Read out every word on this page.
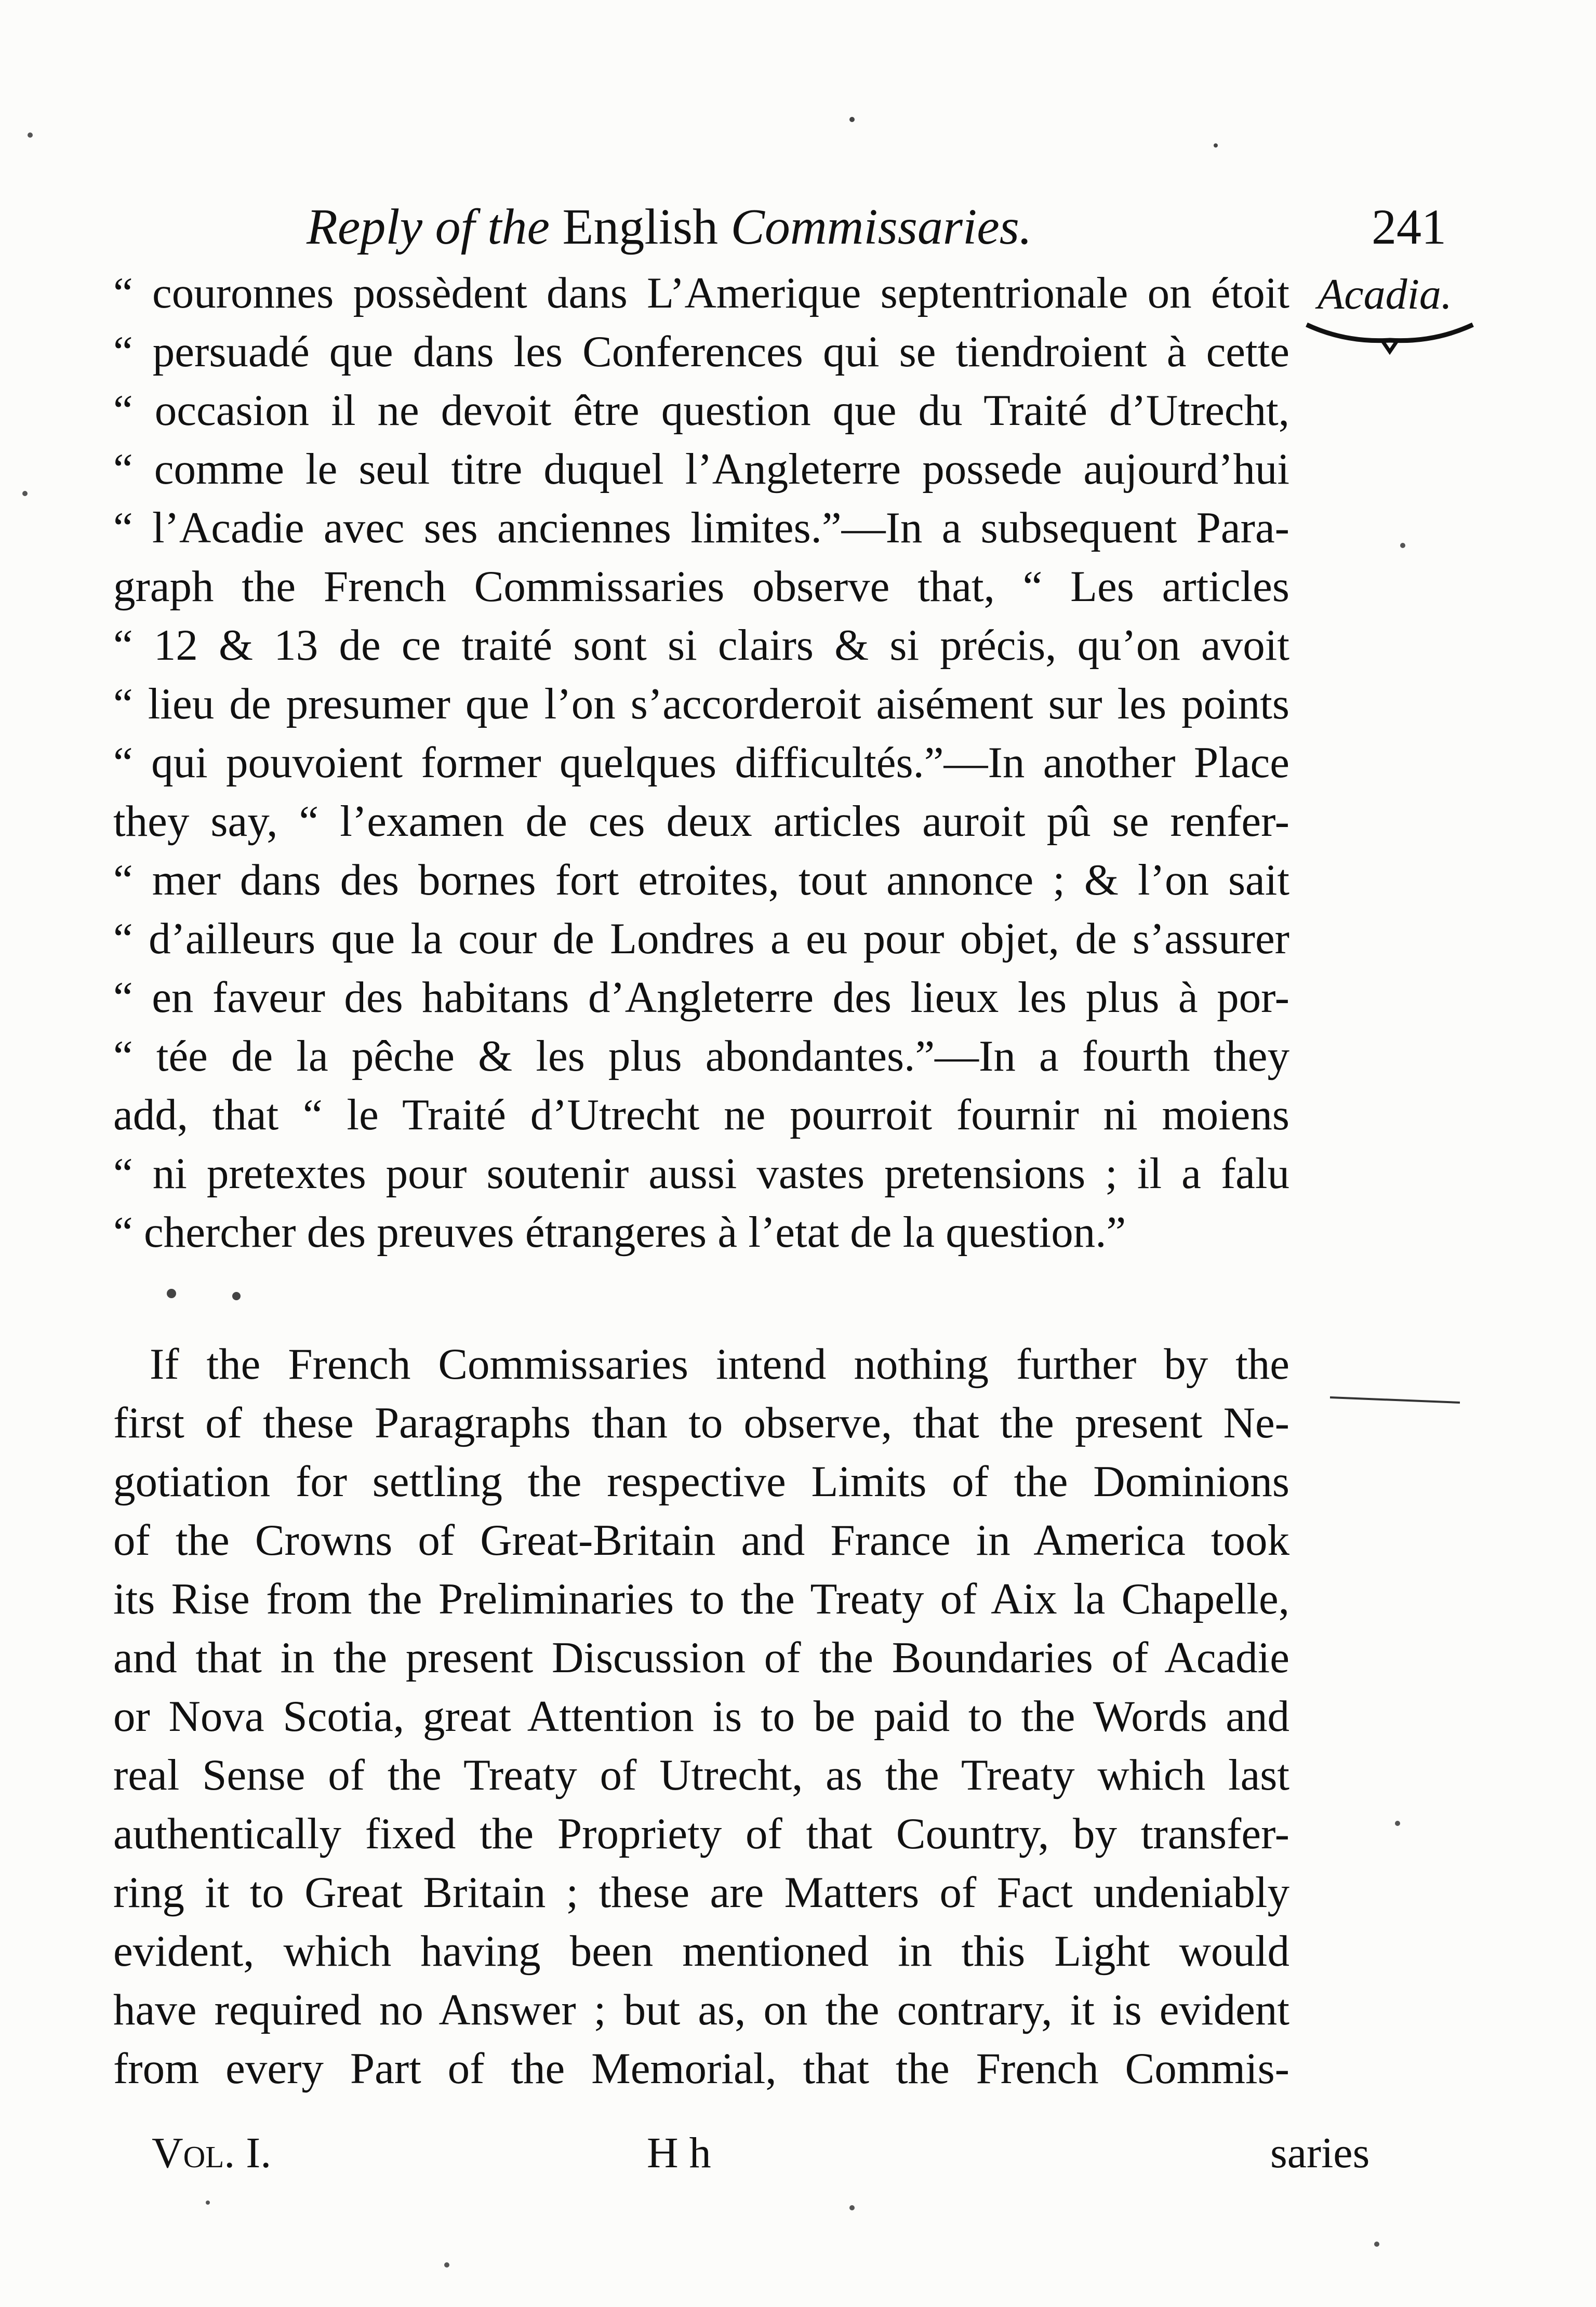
Reply of the English Commissaries.	241
Acadia.
“ couronnes possèdent dans L’Amerique septentrionale on étoit
“ persuadé que dans les Conferences qui se tiendroient à cette
“ occasion il ne devoit être question que du Traité d’Utrecht,
“ comme le seul titre duquel l’Angleterre possede aujourd’hui
“ l’Acadie avec ses anciennes limites.”—In a subsequent Para-
graph the French Commissaries observe that, “ Les articles
“ 12 & 13 de ce traité sont si clairs & si précis, qu’on avoit
“ lieu de presumer que l’on s’accorderoit aisément sur les points
“ qui pouvoient former quelques difficultés.”—In another Place
they say, “ l’examen de ces deux articles auroit pû se renfer-
“ mer dans des bornes fort etroites, tout annonce ; & l’on sait
“ d’ailleurs que la cour de Londres a eu pour objet, de s’assurer
“ en faveur des habitans d’Angleterre des lieux les plus à por-
“ tée de la pêche & les plus abondantes.”—In a fourth they
add, that “ le Traité d’Utrecht ne pourroit fournir ni moiens
“ ni pretextes pour soutenir aussi vastes pretensions ; il a falu
“ chercher des preuves étrangeres à l’etat de la question.”
If the French Commissaries intend nothing further by the
first of these Paragraphs than to observe, that the present Ne-
gotiation for settling the respective Limits of the Dominions
of the Crowns of Great-Britain and France in America took
its Rise from the Preliminaries to the Treaty of Aix la Chapelle,
and that in the present Discussion of the Boundaries of Acadie
or Nova Scotia, great Attention is to be paid to the Words and
real Sense of the Treaty of Utrecht, as the Treaty which last
authentically fixed the Propriety of that Country, by transfer-
ring it to Great Britain ; these are Matters of Fact undeniably
evident, which having been mentioned in this Light would
have required no Answer ; but as, on the contrary, it is evident
from every Part of the Memorial, that the French Commis-
Vol. I.	H h	saries
